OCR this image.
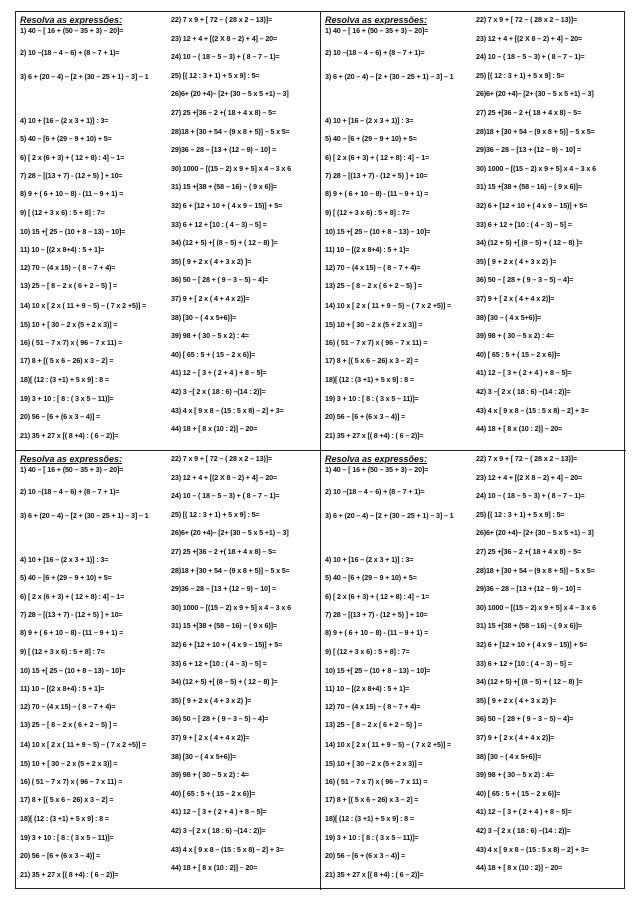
Resolva as expressões:
1) 40 – [ 16 + (50 – 35 + 3) – 20]=
2) 10 –(18 – 4 – 6) + (8 – 7 + 1)=
3) 6 + (20 – 4) – [2 + (30 – 25 + 1) – 3] – 1
4) 10 + [16 – (2 x 3 + 1)] : 3=
5) 40 – [6 + (29 – 9 + 10) + 5=
6) [ 2 x (6 + 3) + ( 12 + 8) : 4] – 1=
7) 28 – [(13 + 7) - (12 + 5) ] + 10=
8) 9 + ( 6 + 10 – 8) - (11 – 9 + 1) =
9) [ (12 + 3 x 6) : 5 + 8] : 7=
10) 15 +[ 25 – (10 + 8 – 13) – 10]=
11) 10 – [(2 x 8+4) : 5 + 1]=
12) 70 – (4 x 15) – ( 8 – 7 + 4)=
13) 25 – [ 8 – 2 x ( 6 + 2 – 5) ] =
14) 10 x [ 2 x ( 11 + 9 – 5) – ( 7 x 2 +5)] =
15) 10 + [ 30 – 2 x (5 + 2 x 3)] =
16) ( 51 – 7 x 7) x ( 96 – 7 x 11) =
17) 8 + [( 5 x 6 – 26) x 3 – 2] =
18)[ (12 : (3 +1) + 5 x 9] : 8 =
19) 3 + 10 : [ 8 : ( 3 x 5 – 11)]=
20) 56 – [6 + (6 x 3 – 4)] =
21) 35 + 27 x [( 8 +4) : ( 6 – 2)]=
22) 7 x 9 + [ 72 – ( 28 x 2 – 13)]=
23) 12 + 4 + [(2 X 8 – 2) + 4] – 20=
24) 10 – ( 18 – 5 – 3) + ( 8 – 7 – 1)=
25) [( 12 : 3 + 1) + 5 x 9] : 5=
26)6+ (20 +4)– [2+ (30 – 5 x 5 +1) – 3]
27) 25 +[36 – 2 +( 18 + 4 x 8) – 5=
28)18 + [30 + 54 – (9 x 8 + 5)] – 5 x 5=
29)36 – 28 – [13 + (12 – 9) – 10] =
30) 1000 – [(15 – 2) x 9 + 5] x 4 – 3 x 6
31) 15 +[38 + (58 – 16) – ( 9 x 6)]=
32) 6 + [12 + 10 + ( 4 x 9 – 15)] + 5=
33) 6 + 12 + [10 : ( 4 – 3) – 5] =
34) (12 + 5) +[ (8 – 5) + ( 12 – 8) ]=
35) [ 9 + 2 x ( 4 + 3 x 2) ]=
36) 50 – [ 28 + ( 9 – 3 – 5) – 4]=
37) 9 + [ 2 x ( 4 + 4 x 2)]=
38) [30 – ( 4 x 5+6)]=
39) 98 + ( 30 – 5 x 2) : 4=
40) [ 65 : 5 + ( 15 – 2 x 6)]=
41) 12 – [ 3 + ( 2 + 4 ) + 8 – 5]=
42) 3 –[ 2 x ( 18 : 6) –(14 : 2)]=
43) 4 x [ 9 x 8 – (15 : 5 x 8) – 2] + 3=
44) 18 + [ 8 x (10 : 2)] – 20=
Resolva as expressões:
1) 40 – [ 16 + (50 – 35 + 3) – 20]=
2) 10 –(18 – 4 – 6) + (8 – 7 + 1)=
3) 6 + (20 – 4) – [2 + (30 – 25 + 1) – 3] – 1
4) 10 + [16 – (2 x 3 + 1)] : 3=
5) 40 – [6 + (29 – 9 + 10) + 5=
6) [ 2 x (6 + 3) + ( 12 + 8) : 4] – 1=
7) 28 – [(13 + 7) - (12 + 5) ] + 10=
8) 9 + ( 6 + 10 – 8) - (11 – 9 + 1) =
9) [ (12 + 3 x 6) : 5 + 8] : 7=
10) 15 +[ 25 – (10 + 8 – 13) – 10]=
11) 10 – [(2 x 8+4) : 5 + 1]=
12) 70 – (4 x 15) – ( 8 – 7 + 4)=
13) 25 – [ 8 – 2 x ( 6 + 2 – 5) ] =
14) 10 x [ 2 x ( 11 + 9 – 5) – ( 7 x 2 +5)] =
15) 10 + [ 30 – 2 x (5 + 2 x 3)] =
16) ( 51 – 7 x 7) x ( 96 – 7 x 11) =
17) 8 + [( 5 x 6 – 26) x 3 – 2] =
18)[ (12 : (3 +1) + 5 x 9] : 8 =
19) 3 + 10 : [ 8 : ( 3 x 5 – 11)]=
20) 56 – [6 + (6 x 3 – 4)] =
21) 35 + 27 x [( 8 +4) : ( 6 – 2)]=
22) 7 x 9 + [ 72 – ( 28 x 2 – 13)]=
23) 12 + 4 + [(2 X 8 – 2) + 4] – 20=
24) 10 – ( 18 – 5 – 3) + ( 8 – 7 – 1)=
25) [( 12 : 3 + 1) + 5 x 9] : 5=
26)6+ (20 +4)– [2+ (30 – 5 x 5 +1) – 3]
27) 25 +[36 – 2 +( 18 + 4 x 8) – 5=
28)18 + [30 + 54 – (9 x 8 + 5)] – 5 x 5=
29)36 – 28 – [13 + (12 – 9) – 10] =
30) 1000 – [(15 – 2) x 9 + 5] x 4 – 3 x 6
31) 15 +[38 + (58 – 16) – ( 9 x 6)]=
32) 6 + [12 + 10 + ( 4 x 9 – 15)] + 5=
33) 6 + 12 + [10 : ( 4 – 3) – 5] =
34) (12 + 5) +[ (8 – 5) + ( 12 – 8) ]=
35) [ 9 + 2 x ( 4 + 3 x 2) ]=
36) 50 – [ 28 + ( 9 – 3 – 5) – 4]=
37) 9 + [ 2 x ( 4 + 4 x 2)]=
38) [30 – ( 4 x 5+6)]=
39) 98 + ( 30 – 5 x 2) : 4=
40) [ 65 : 5 + ( 15 – 2 x 6)]=
41) 12 – [ 3 + ( 2 + 4 ) + 8 – 5]=
42) 3 –[ 2 x ( 18 : 6) –(14 : 2)]=
43) 4 x [ 9 x 8 – (15 : 5 x 8) – 2] + 3=
44) 18 + [ 8 x (10 : 2)] – 20=
Resolva as expressões:
1) 40 – [ 16 + (50 – 35 + 3) – 20]=
2) 10 –(18 – 4 – 6) + (8 – 7 + 1)=
3) 6 + (20 – 4) – [2 + (30 – 25 + 1) – 3] – 1
4) 10 + [16 – (2 x 3 + 1)] : 3=
5) 40 – [6 + (29 – 9 + 10) + 5=
6) [ 2 x (6 + 3) + ( 12 + 8) : 4] – 1=
7) 28 – [(13 + 7) - (12 + 5) ] + 10=
8) 9 + ( 6 + 10 – 8) - (11 – 9 + 1) =
9) [ (12 + 3 x 6) : 5 + 8] : 7=
10) 15 +[ 25 – (10 + 8 – 13) – 10]=
11) 10 – [(2 x 8+4) : 5 + 1]=
12) 70 – (4 x 15) – ( 8 – 7 + 4)=
13) 25 – [ 8 – 2 x ( 6 + 2 – 5) ] =
14) 10 x [ 2 x ( 11 + 9 – 5) – ( 7 x 2 +5)] =
15) 10 + [ 30 – 2 x (5 + 2 x 3)] =
16) ( 51 – 7 x 7) x ( 96 – 7 x 11) =
17) 8 + [( 5 x 6 – 26) x 3 – 2] =
18)[ (12 : (3 +1) + 5 x 9] : 8 =
19) 3 + 10 : [ 8 : ( 3 x 5 – 11)]=
20) 56 – [6 + (6 x 3 – 4)] =
21) 35 + 27 x [( 8 +4) : ( 6 – 2)]=
22) 7 x 9 + [ 72 – ( 28 x 2 – 13)]=
23) 12 + 4 + [(2 X 8 – 2) + 4] – 20=
24) 10 – ( 18 – 5 – 3) + ( 8 – 7 – 1)=
25) [( 12 : 3 + 1) + 5 x 9] : 5=
26)6+ (20 +4)– [2+ (30 – 5 x 5 +1) – 3]
27) 25 +[36 – 2 +( 18 + 4 x 8) – 5=
28)18 + [30 + 54 – (9 x 8 + 5)] – 5 x 5=
29)36 – 28 – [13 + (12 – 9) – 10] =
30) 1000 – [(15 – 2) x 9 + 5] x 4 – 3 x 6
31) 15 +[38 + (58 – 16) – ( 9 x 6)]=
32) 6 + [12 + 10 + ( 4 x 9 – 15)] + 5=
33) 6 + 12 + [10 : ( 4 – 3) – 5] =
34) (12 + 5) +[ (8 – 5) + ( 12 – 8) ]=
35) [ 9 + 2 x ( 4 + 3 x 2) ]=
36) 50 – [ 28 + ( 9 – 3 – 5) – 4]=
37) 9 + [ 2 x ( 4 + 4 x 2)]=
38) [30 – ( 4 x 5+6)]=
39) 98 + ( 30 – 5 x 2) : 4=
40) [ 65 : 5 + ( 15 – 2 x 6)]=
41) 12 – [ 3 + ( 2 + 4 ) + 8 – 5]=
42) 3 –[ 2 x ( 18 : 6) –(14 : 2)]=
43) 4 x [ 9 x 8 – (15 : 5 x 8) – 2] + 3=
44) 18 + [ 8 x (10 : 2)] – 20=
Resolva as expressões:
1) 40 – [ 16 + (50 – 35 + 3) – 20]=
2) 10 –(18 – 4 – 6) + (8 – 7 + 1)=
3) 6 + (20 – 4) – [2 + (30 – 25 + 1) – 3] – 1
4) 10 + [16 – (2 x 3 + 1)] : 3=
5) 40 – [6 + (29 – 9 + 10) + 5=
6) [ 2 x (6 + 3) + ( 12 + 8) : 4] – 1=
7) 28 – [(13 + 7) - (12 + 5) ] + 10=
8) 9 + ( 6 + 10 – 8) - (11 – 9 + 1) =
9) [ (12 + 3 x 6) : 5 + 8] : 7=
10) 15 +[ 25 – (10 + 8 – 13) – 10]=
11) 10 – [(2 x 8+4) : 5 + 1]=
12) 70 – (4 x 15) – ( 8 – 7 + 4)=
13) 25 – [ 8 – 2 x ( 6 + 2 – 5) ] =
14) 10 x [ 2 x ( 11 + 9 – 5) – ( 7 x 2 +5)] =
15) 10 + [ 30 – 2 x (5 + 2 x 3)] =
16) ( 51 – 7 x 7) x ( 96 – 7 x 11) =
17) 8 + [( 5 x 6 – 26) x 3 – 2] =
18)[ (12 : (3 +1) + 5 x 9] : 8 =
19) 3 + 10 : [ 8 : ( 3 x 5 – 11)]=
20) 56 – [6 + (6 x 3 – 4)] =
21) 35 + 27 x [( 8 +4) : ( 6 – 2)]=
22) 7 x 9 + [ 72 – ( 28 x 2 – 13)]=
23) 12 + 4 + [(2 X 8 – 2) + 4] – 20=
24) 10 – ( 18 – 5 – 3) + ( 8 – 7 – 1)=
25) [( 12 : 3 + 1) + 5 x 9] : 5=
26)6+ (20 +4)– [2+ (30 – 5 x 5 +1) – 3]
27) 25 +[36 – 2 +( 18 + 4 x 8) – 5=
28)18 + [30 + 54 – (9 x 8 + 5)] – 5 x 5=
29)36 – 28 – [13 + (12 – 9) – 10] =
30) 1000 – [(15 – 2) x 9 + 5] x 4 – 3 x 6
31) 15 +[38 + (58 – 16) – ( 9 x 6)]=
32) 6 + [12 + 10 + ( 4 x 9 – 15)] + 5=
33) 6 + 12 + [10 : ( 4 – 3) – 5] =
34) (12 + 5) +[ (8 – 5) + ( 12 – 8) ]=
35) [ 9 + 2 x ( 4 + 3 x 2) ]=
36) 50 – [ 28 + ( 9 – 3 – 5) – 4]=
37) 9 + [ 2 x ( 4 + 4 x 2)]=
38) [30 – ( 4 x 5+6)]=
39) 98 + ( 30 – 5 x 2) : 4=
40) [ 65 : 5 + ( 15 – 2 x 6)]=
41) 12 – [ 3 + ( 2 + 4 ) + 8 – 5]=
42) 3 –[ 2 x ( 18 : 6) –(14 : 2)]=
43) 4 x [ 9 x 8 – (15 : 5 x 8) – 2] + 3=
44) 18 + [ 8 x (10 : 2)] – 20=
